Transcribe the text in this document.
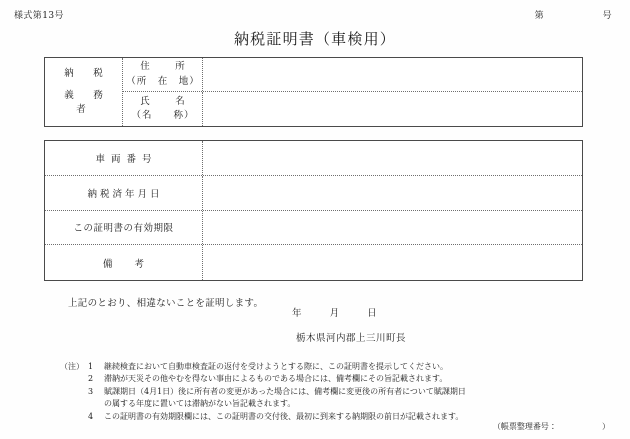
様式第13号	第	号
納税証明書（車検用）
納　税
義　務　者
住　所
（所　在　地）
氏　名
（名　　称）
車両番号
納税済年月日
この証明書の有効期限
備考
上記のとおり、相違ないことを証明します。
年	月	日
栃木県河内郡上三川町長
（注） 1	継続検査において自動車検査証の返付を受けようとする際に、この証明書を提示してください。
2	滞納が天災その他やむを得ない事由によるものである場合には、備考欄にその旨記載されます。
3	賦課期日（4月1日）後に所有者の変更があった場合には、備考欄に変更後の所有者について賦課期日
の属する年度に置いては滞納がない旨記載されます。
4	この証明書の有効期限欄には、この証明書の交付後、最初に到来する納期限の前日が記載されます。
（帳票整理番号：	）
